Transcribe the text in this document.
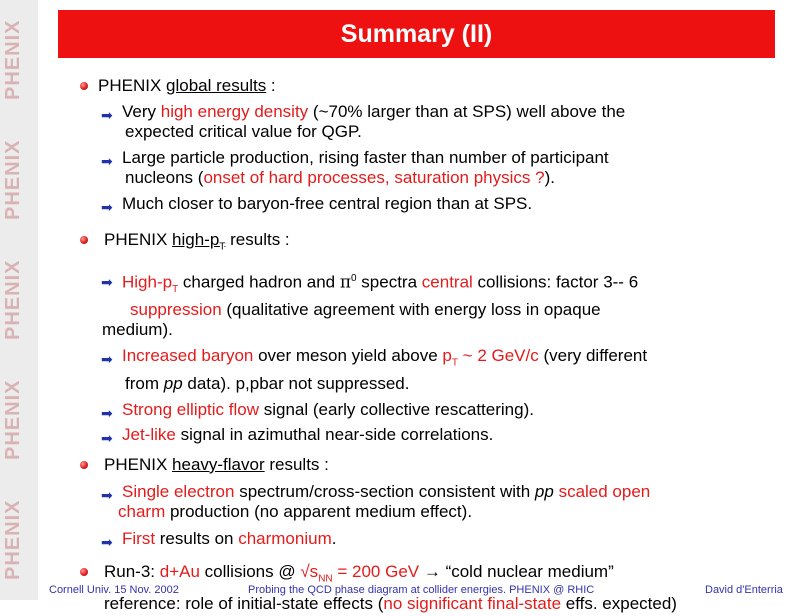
PHENIX
PHENIX
PHENIX
PHENIX
PHENIX
Summary (II)
PHENIX global results :
➡ Very high energy density (~70% larger than at SPS) well above the
expected critical value for QGP.
➡ Large particle production, rising faster than number of participant
nucleons (onset of hard processes, saturation physics ?).
➡ Much closer to baryon-free central region than at SPS.
PHENIX high-$p_T$ results :
➡ High-$p_T$ charged hadron and $\pi^0$ spectra central collisions: factor 3-- 6
suppression (qualitative agreement with energy loss in opaque
medium).
➡ Increased baryon over meson yield above $p_T$ ~ 2 GeV/c (very different
from pp data). p,pbar not suppressed.
➡ Strong elliptic flow signal (early collective rescattering).
➡ Jet-like signal in azimuthal near-side correlations.
PHENIX heavy-flavor results :
➡ Single electron spectrum/cross-section consistent with pp scaled open
charm production (no apparent medium effect).
➡ First results on charmonium.
Run-3: d+Au collisions @ $√s_{NN} = 200$ GeV → “cold nuclear medium”
reference: role of initial-state effects (no significant final-state effs. expected)
Cornell Univ. 15 Nov. 2002	Probing the QCD phase diagram at collider energies. PHENIX @ RHIC	David d'Enterria
